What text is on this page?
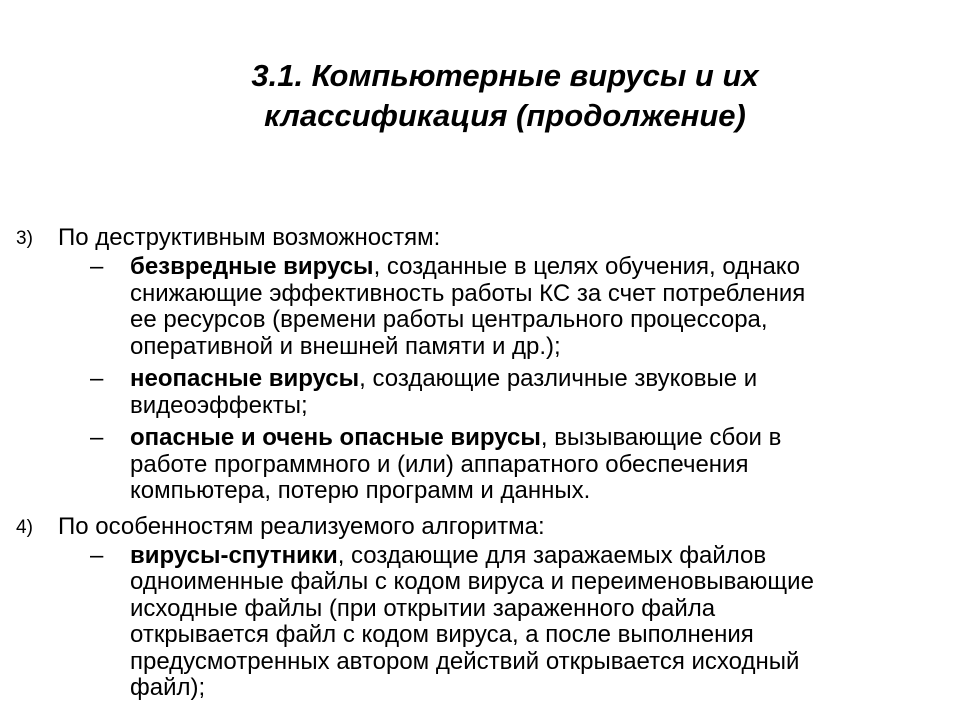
3.1. Компьютерные вирусы и их
классификация (продолжение)
3) По деструктивным возможностям:
– безвредные вирусы, созданные в целях обучения, однако снижающие эффективность работы КС за счет потребления ее ресурсов (времени работы центрального процессора, оперативной и внешней памяти и др.);
– неопасные вирусы, создающие различные звуковые и видеоэффекты;
– опасные и очень опасные вирусы, вызывающие сбои в работе программного и (или) аппаратного обеспечения компьютера, потерю программ и данных.
4) По особенностям реализуемого алгоритма:
– вирусы-спутники, создающие для заражаемых файлов одноименные файлы с кодом вируса и переименовывающие исходные файлы (при открытии зараженного файла открывается файл с кодом вируса, а после выполнения предусмотренных автором действий открывается исходный файл);
